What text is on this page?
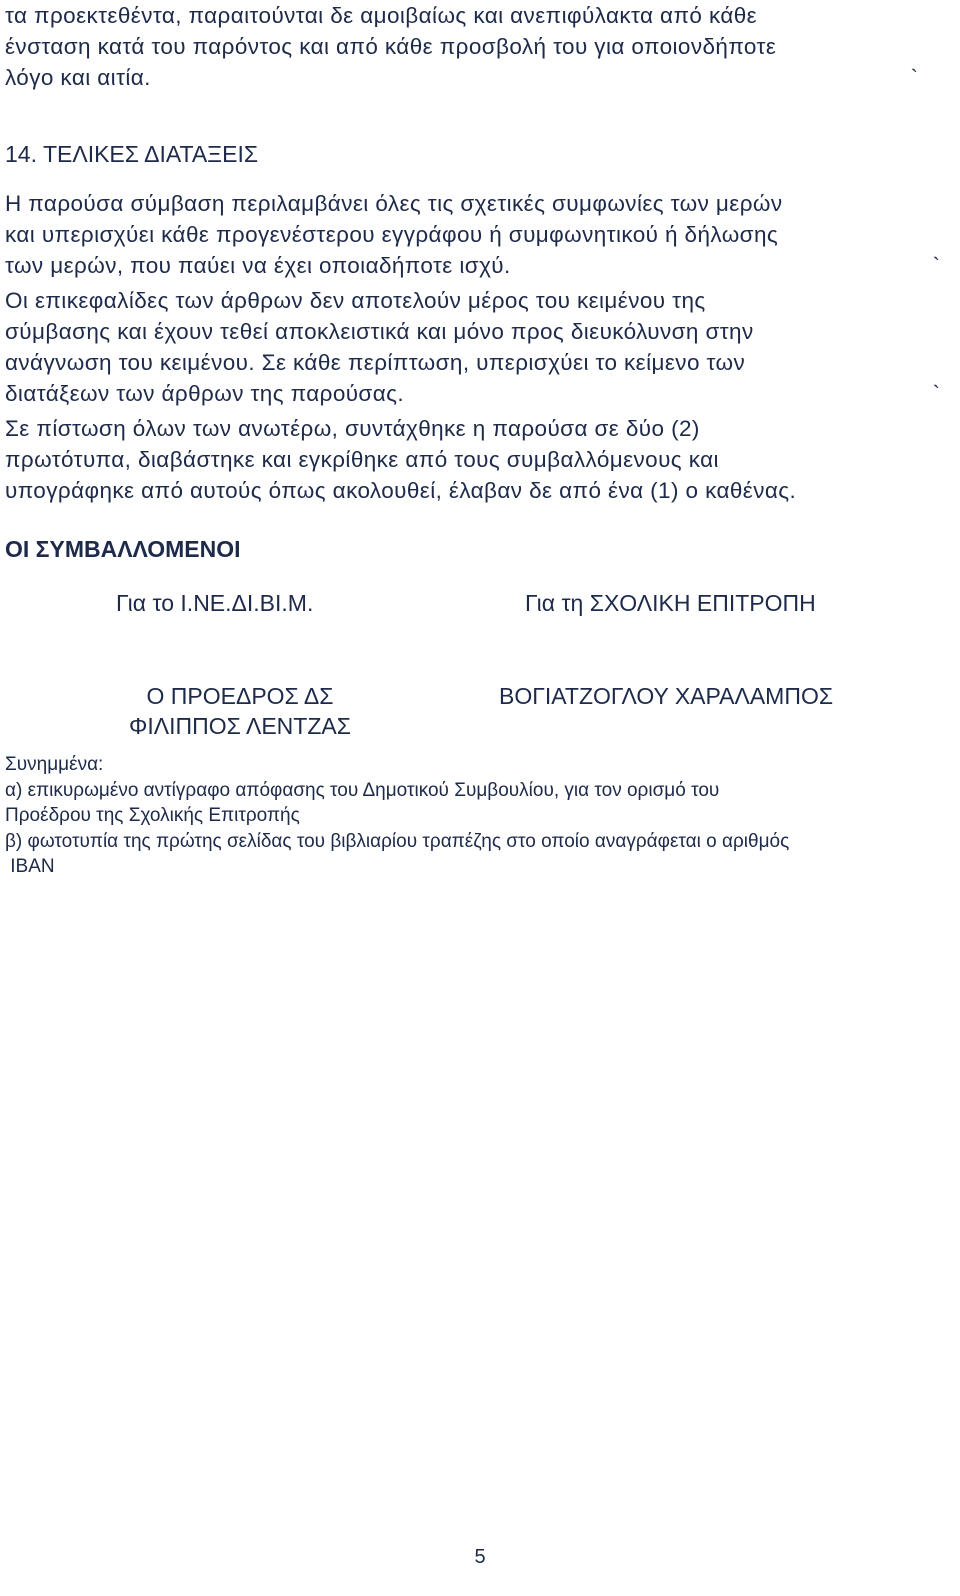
τα προεκτεθέντα, παραιτούνται δε αμοιβαίως και ανεπιφύλακτα από κάθε
ένσταση κατά του παρόντος και από κάθε προσβολή του για οποιονδήποτε
λόγο και αιτία.	`
14. ΤΕΛΙΚΕΣ ΔΙΑΤΑΞΕΙΣ
Η παρούσα σύμβαση περιλαμβάνει όλες τις σχετικές συμφωνίες των μερών
και υπερισχύει κάθε προγενέστερου εγγράφου ή συμφωνητικού ή δήλωσης
των μερών, που παύει να έχει οποιαδήποτε ισχύ.	`
Οι επικεφαλίδες των άρθρων δεν αποτελούν μέρος του κειμένου της
σύμβασης και έχουν τεθεί αποκλειστικά και μόνο προς διευκόλυνση στην
ανάγνωση του κειμένου. Σε κάθε περίπτωση, υπερισχύει το κείμενο των
διατάξεων των άρθρων της παρούσας.	`
Σε πίστωση όλων των ανωτέρω, συντάχθηκε η παρούσα σε δύο (2)
πρωτότυπα, διαβάστηκε και εγκρίθηκε από τους συμβαλλόμενους και
υπογράφηκε από αυτούς όπως ακολουθεί, έλαβαν δε από ένα (1) ο καθένας.
ΟΙ ΣΥΜΒΑΛΛΟΜΕΝΟΙ
Για το Ι.ΝΕ.ΔΙ.ΒΙ.Μ.	Για τη ΣΧΟΛΙΚΗ ΕΠΙΤΡΟΠΗ
Ο ΠΡΟΕΔΡΟΣ ΔΣ
ΦΙΛΙΠΠΟΣ ΛΕΝΤΖΑΣ
ΒΟΓΙΑΤΖΟΓΛΟΥ ΧΑΡΑΛΑΜΠΟΣ
Συνημμένα:
α) επικυρωμένο αντίγραφο απόφασης του Δημοτικού Συμβουλίου, για τον ορισμό του
Προέδρου της Σχολικής Επιτροπής
β) φωτοτυπία της πρώτης σελίδας του βιβλιαρίου τραπέζης στο οποίο αναγράφεται ο αριθμός
IBAN
5
